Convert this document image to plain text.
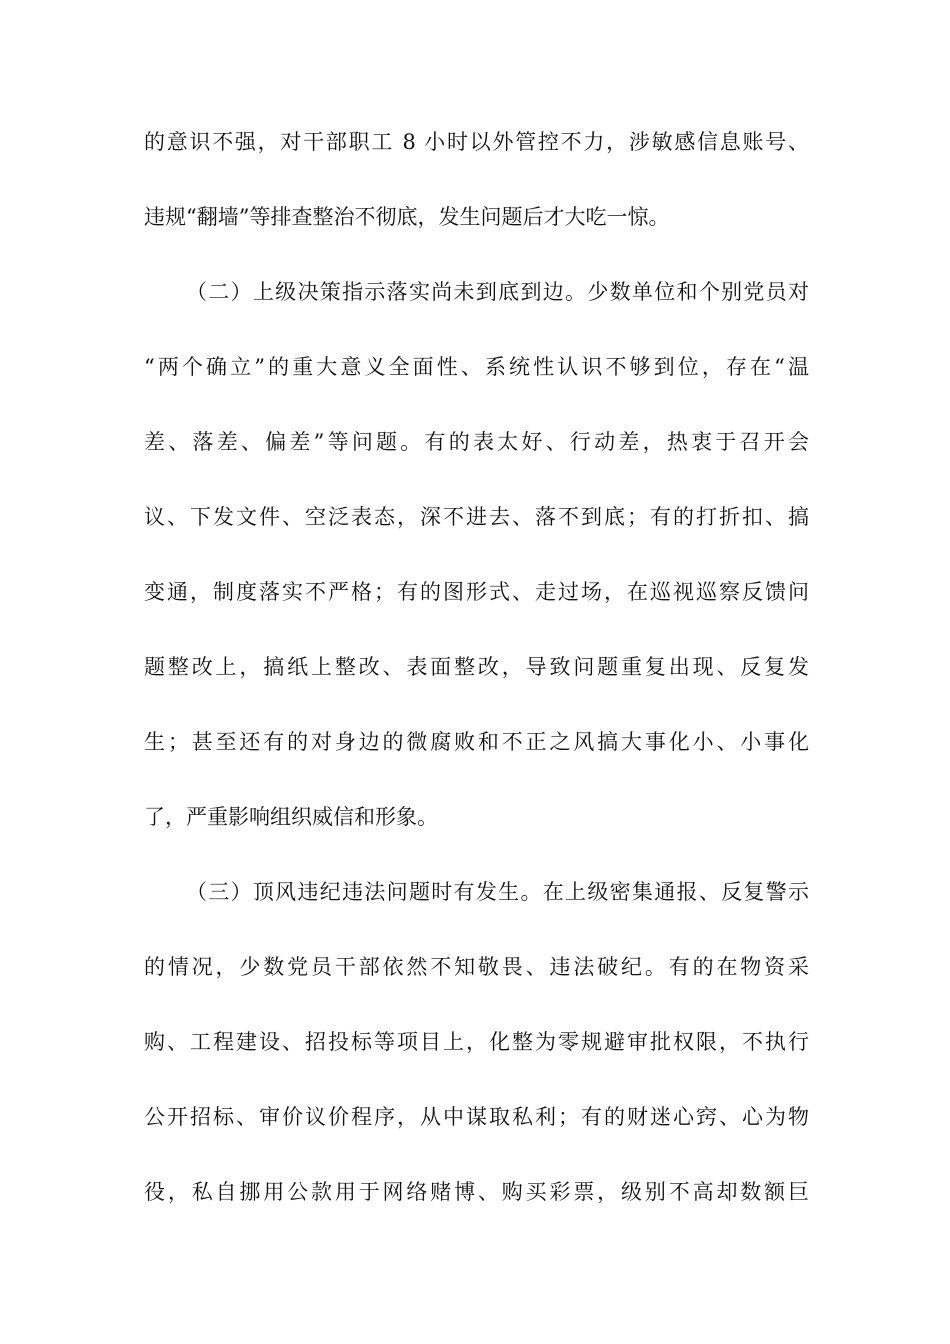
的意识不强，对干部职工 8 小时以外管控不力，涉敏感信息账号、
违规“翻墙”等排查整治不彻底，发生问题后才大吃一惊。
（二）上级决策指示落实尚未到底到边。少数单位和个别党员对
“两个确立”的重大意义全面性、系统性认识不够到位，存在“温
差、落差、偏差”等问题。有的表太好、行动差，热衷于召开会
议、下发文件、空泛表态，深不进去、落不到底；有的打折扣、搞
变通，制度落实不严格；有的图形式、走过场，在巡视巡察反馈问
题整改上，搞纸上整改、表面整改，导致问题重复出现、反复发
生；甚至还有的对身边的微腐败和不正之风搞大事化小、小事化
了，严重影响组织威信和形象。
（三）顶风违纪违法问题时有发生。在上级密集通报、反复警示
的情况，少数党员干部依然不知敬畏、违法破纪。有的在物资采
购、工程建设、招投标等项目上，化整为零规避审批权限，不执行
公开招标、审价议价程序，从中谋取私利；有的财迷心窍、心为物
役，私自挪用公款用于网络赌博、购买彩票，级别不高却数额巨
